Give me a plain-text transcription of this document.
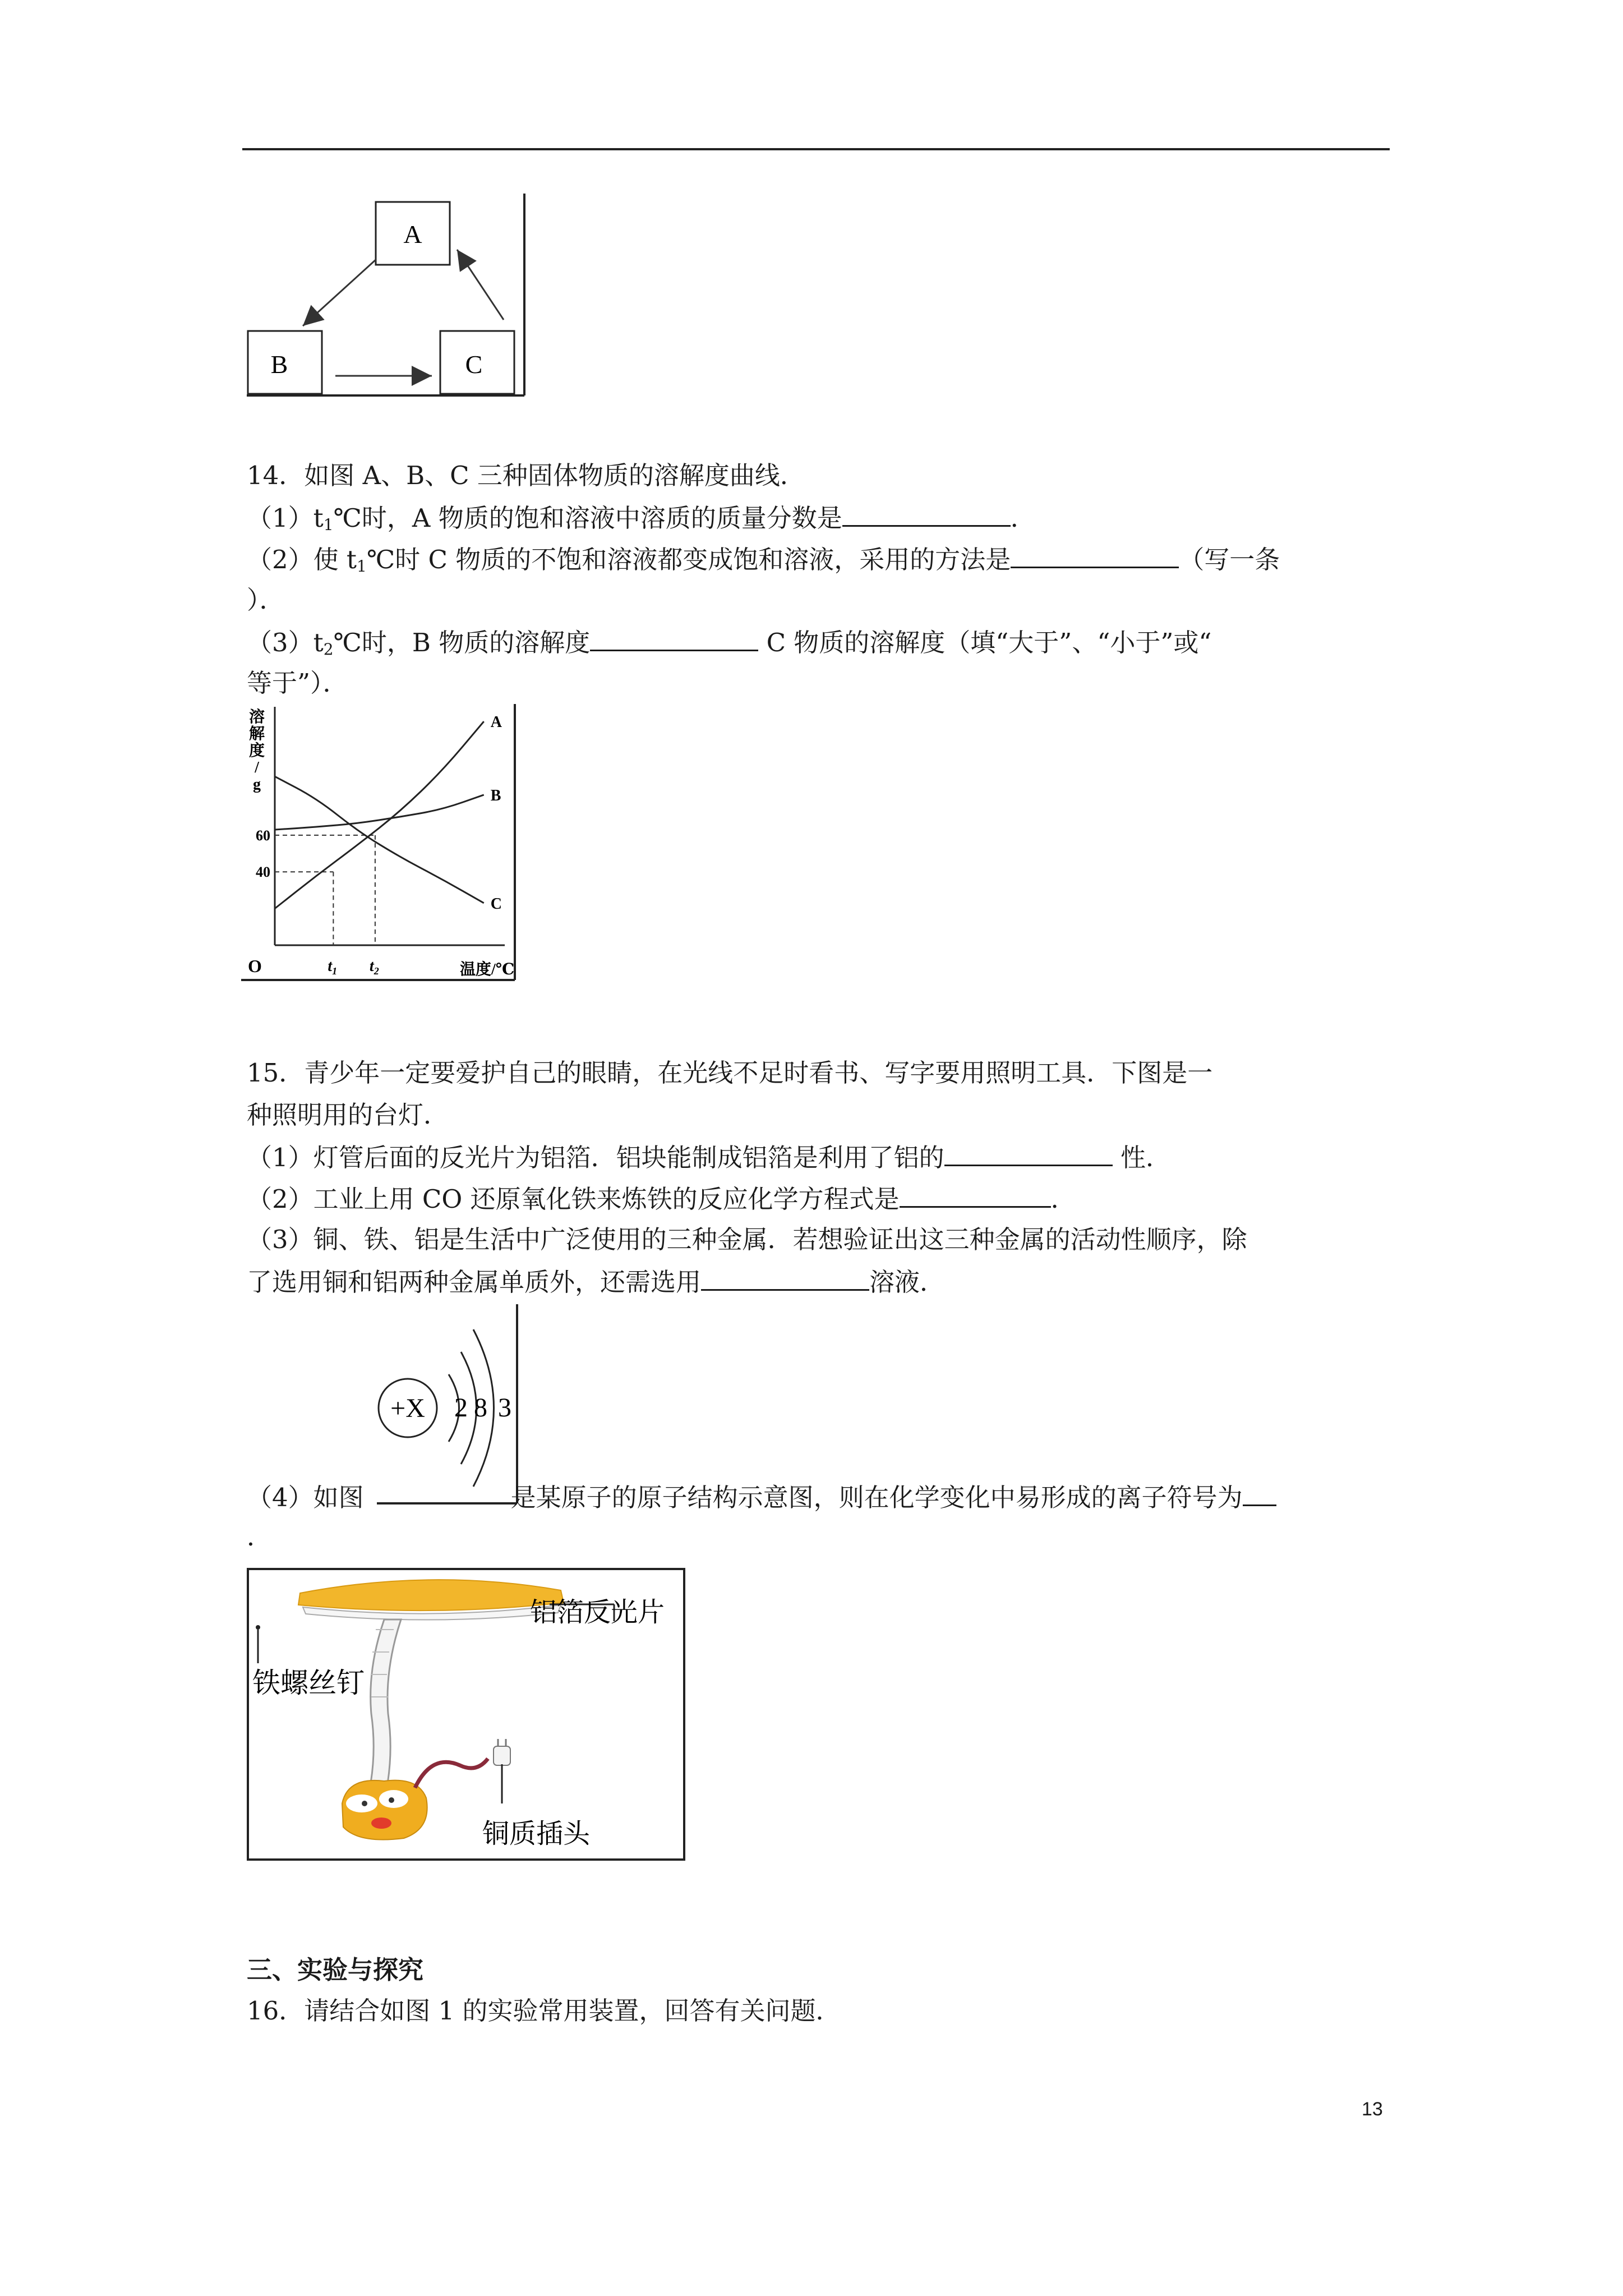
A
B	C
14．如图 A、B、C 三种固体物质的溶解度曲线．
$(1)t_1℃$时，A 物质的饱和溶液中溶质的质量分数是	．
（2）使 $t_1℃$时 C 物质的不饱和溶液都变成饱和溶液，采用的方法是	（写一条
）．
$(3)t_2℃$时，B 物质的溶解度	C 物质的溶解度（填“大于”、“小于”或“
等于”）．
溶
解
度
/
g
温度/℃
O
60
40
$t_1$ $t_2$
A
B
C
15．青少年一定要爱护自己的眼睛，在光线不足时看书、写字要用照明工具．下图是一
种照明用的台灯．
（1）灯管后面的反光片为铝箔．铝块能制成铝箔是利用了铝的	性．
（2）工业上用 CO 还原氧化铁来炼铁的反应化学方程式是	．
（3）铜、铁、铝是生活中广泛使用的三种金属．若想验证出这三种金属的活动性顺序，除
了选用铜和铝两种金属单质外，还需选用	溶液．
+X 2 8 3
（4）如图	是某原子的原子结构示意图，则在化学变化中易形成的离子符号为
．
铝箔反光片
铁螺丝钉
铜质插头
三、实验与探究
16．请结合如图 1 的实验常用装置，回答有关问题．
13
